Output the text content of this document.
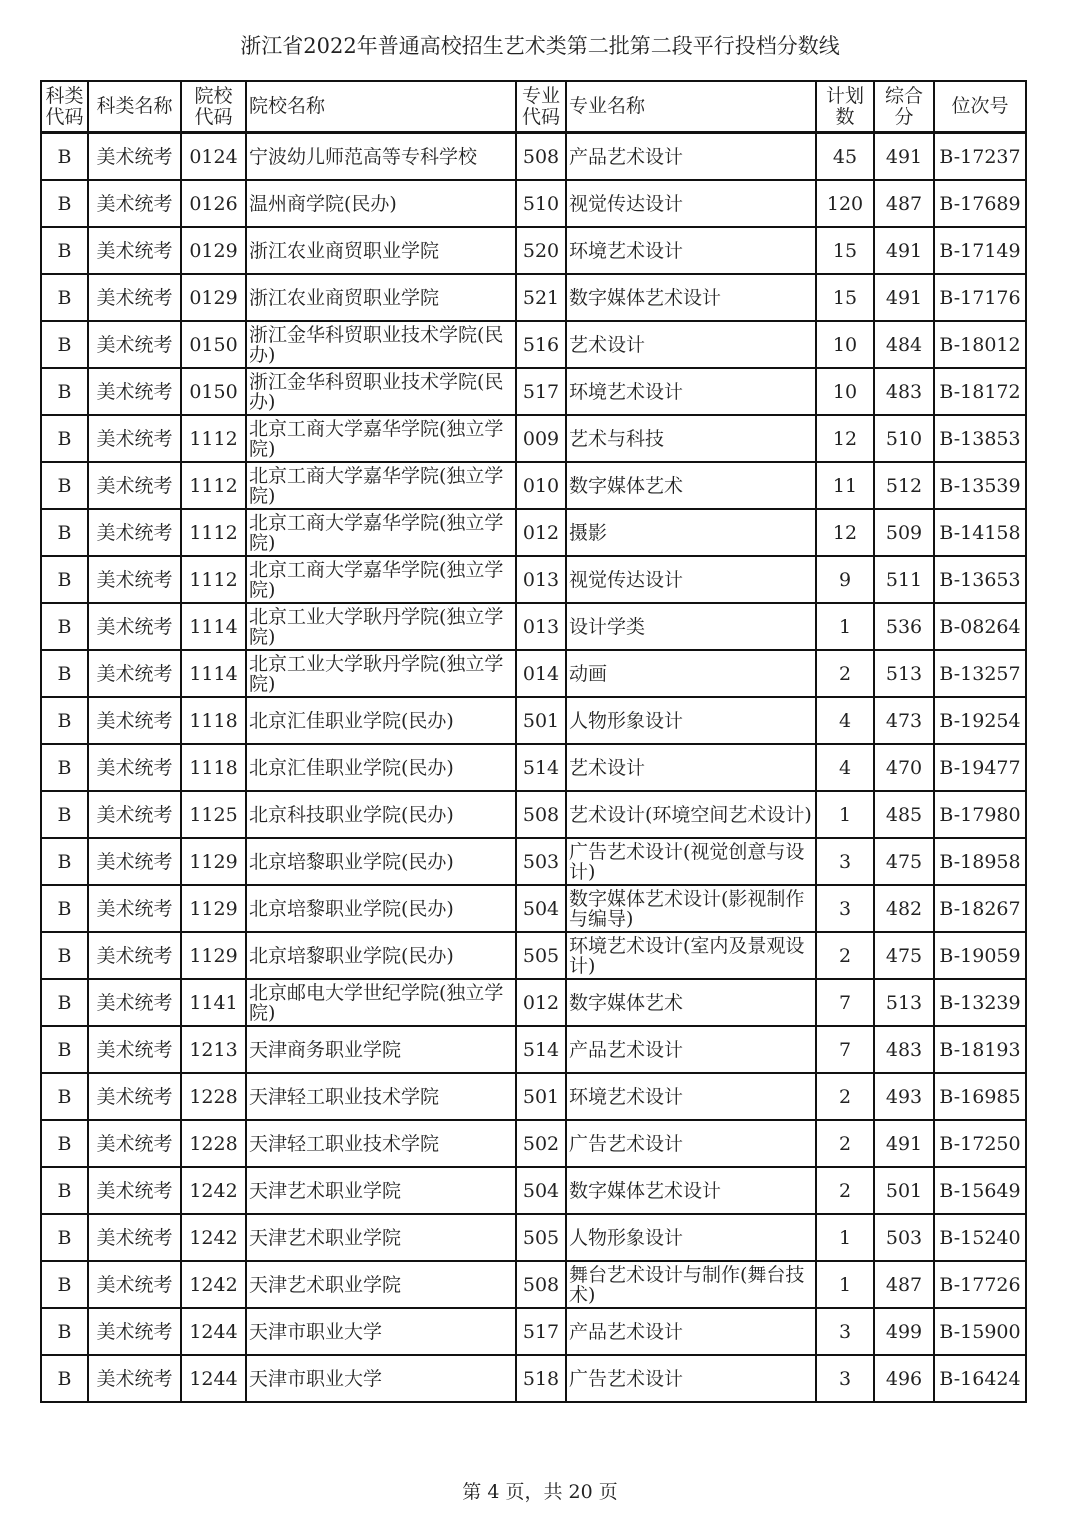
浙江省2022年普通高校招生艺术类第二批第二段平行投档分数线
科类代码	科类名称	院校代码	院校名称	专业代码	专业名称	计划数	综合分	位次号
B	美术统考	0124	宁波幼儿师范高等专科学校	508	产品艺术设计	45	491	B-17237
B	美术统考	0126	温州商学院(民办)	510	视觉传达设计	120	487	B-17689
B	美术统考	0129	浙江农业商贸职业学院	520	环境艺术设计	15	491	B-17149
B	美术统考	0129	浙江农业商贸职业学院	521	数字媒体艺术设计	15	491	B-17176
B	美术统考	0150	浙江金华科贸职业技术学院(民办)	516	艺术设计	10	484	B-18012
B	美术统考	0150	浙江金华科贸职业技术学院(民办)	517	环境艺术设计	10	483	B-18172
B	美术统考	1112	北京工商大学嘉华学院(独立学院)	009	艺术与科技	12	510	B-13853
B	美术统考	1112	北京工商大学嘉华学院(独立学院)	010	数字媒体艺术	11	512	B-13539
B	美术统考	1112	北京工商大学嘉华学院(独立学院)	012	摄影	12	509	B-14158
B	美术统考	1112	北京工商大学嘉华学院(独立学院)	013	视觉传达设计	9	511	B-13653
B	美术统考	1114	北京工业大学耿丹学院(独立学院)	013	设计学类	1	536	B-08264
B	美术统考	1114	北京工业大学耿丹学院(独立学院)	014	动画	2	513	B-13257
B	美术统考	1118	北京汇佳职业学院(民办)	501	人物形象设计	4	473	B-19254
B	美术统考	1118	北京汇佳职业学院(民办)	514	艺术设计	4	470	B-19477
B	美术统考	1125	北京科技职业学院(民办)	508	艺术设计(环境空间艺术设计)	1	485	B-17980
B	美术统考	1129	北京培黎职业学院(民办)	503	广告艺术设计(视觉创意与设计)	3	475	B-18958
B	美术统考	1129	北京培黎职业学院(民办)	504	数字媒体艺术设计(影视制作与编导)	3	482	B-18267
B	美术统考	1129	北京培黎职业学院(民办)	505	环境艺术设计(室内及景观设计)	2	475	B-19059
B	美术统考	1141	北京邮电大学世纪学院(独立学院)	012	数字媒体艺术	7	513	B-13239
B	美术统考	1213	天津商务职业学院	514	产品艺术设计	7	483	B-18193
B	美术统考	1228	天津轻工职业技术学院	501	环境艺术设计	2	493	B-16985
B	美术统考	1228	天津轻工职业技术学院	502	广告艺术设计	2	491	B-17250
B	美术统考	1242	天津艺术职业学院	504	数字媒体艺术设计	2	501	B-15649
B	美术统考	1242	天津艺术职业学院	505	人物形象设计	1	503	B-15240
B	美术统考	1242	天津艺术职业学院	508	舞台艺术设计与制作(舞台技术)	1	487	B-17726
B	美术统考	1244	天津市职业大学	517	产品艺术设计	3	499	B-15900
B	美术统考	1244	天津市职业大学	518	广告艺术设计	3	496	B-16424
第 4 页，共 20 页
